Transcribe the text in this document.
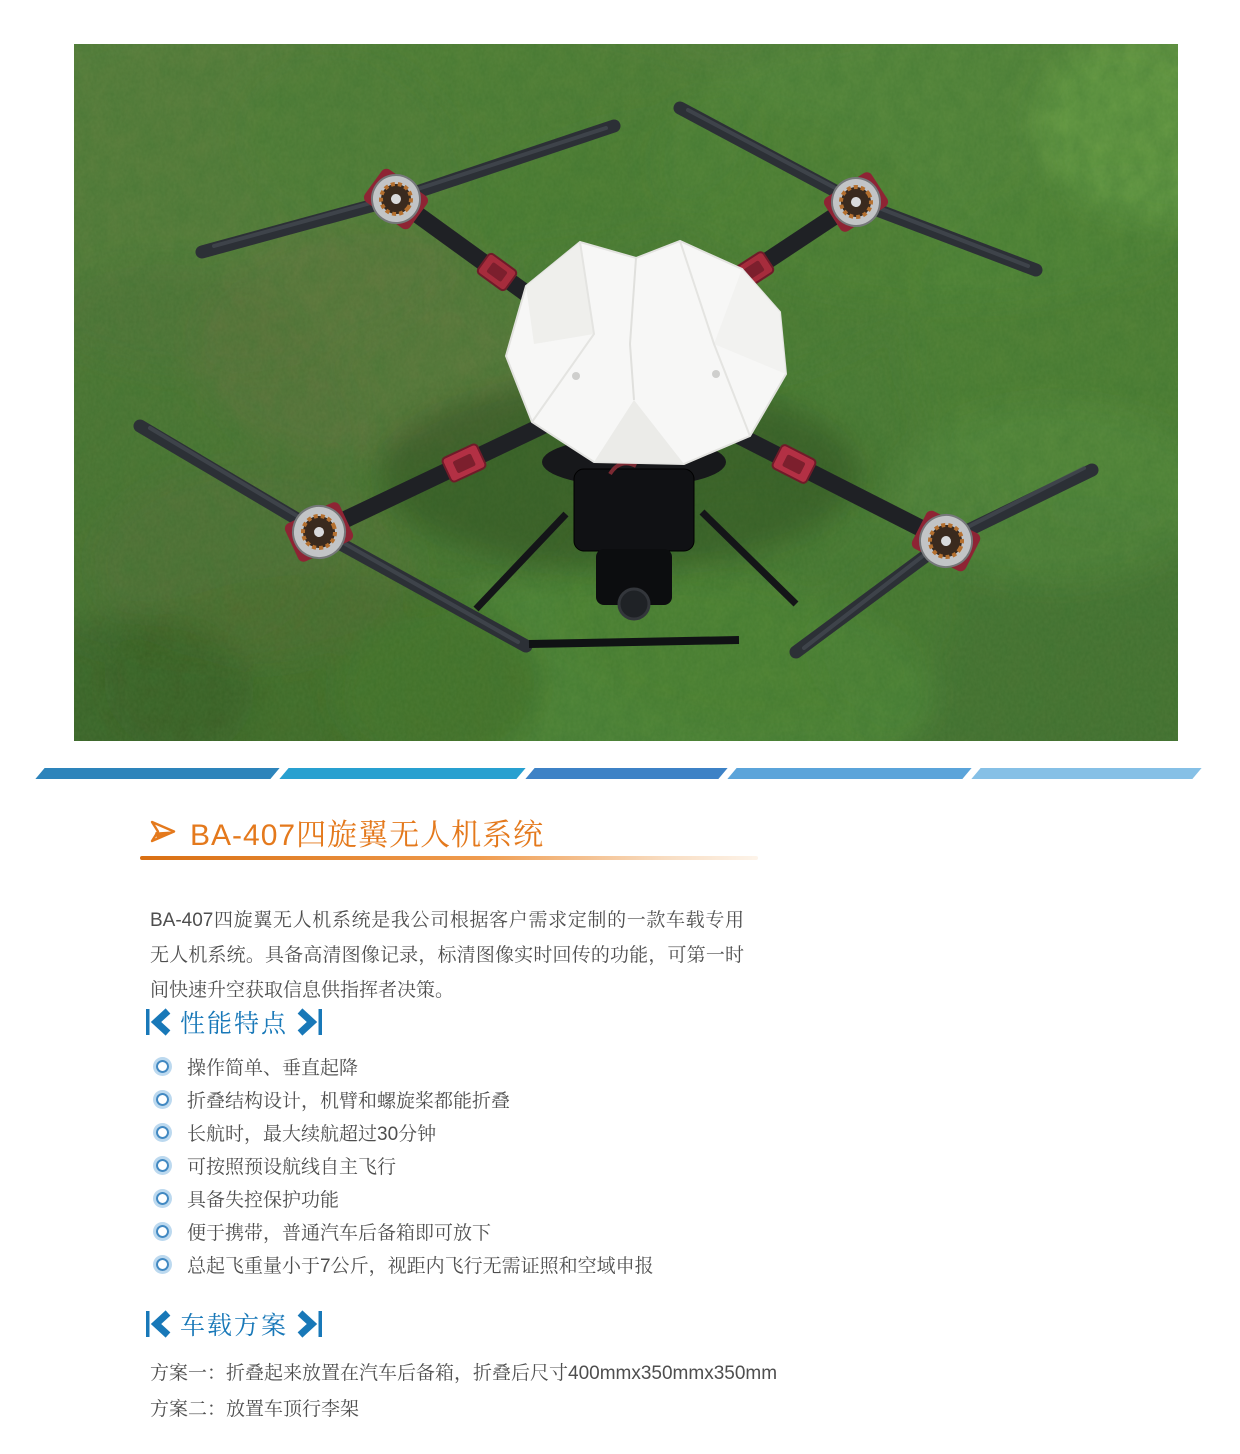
BA-407四旋翼无人机系统

BA-407四旋翼无人机系统是我公司根据客户需求定制的一款车载专用无人机系统。具备高清图像记录，标清图像实时回传的功能，可第一时间快速升空获取信息供指挥者决策。

性能特点
操作简单、垂直起降
折叠结构设计，机臂和螺旋桨都能折叠
长航时，最大续航超过30分钟
可按照预设航线自主飞行
具备失控保护功能
便于携带，普通汽车后备箱即可放下
总起飞重量小于7公斤，视距内飞行无需证照和空域申报
车载方案
方案一：折叠起来放置在汽车后备箱，折叠后尺寸400mmx350mmx350mm
方案二：放置车顶行李架
